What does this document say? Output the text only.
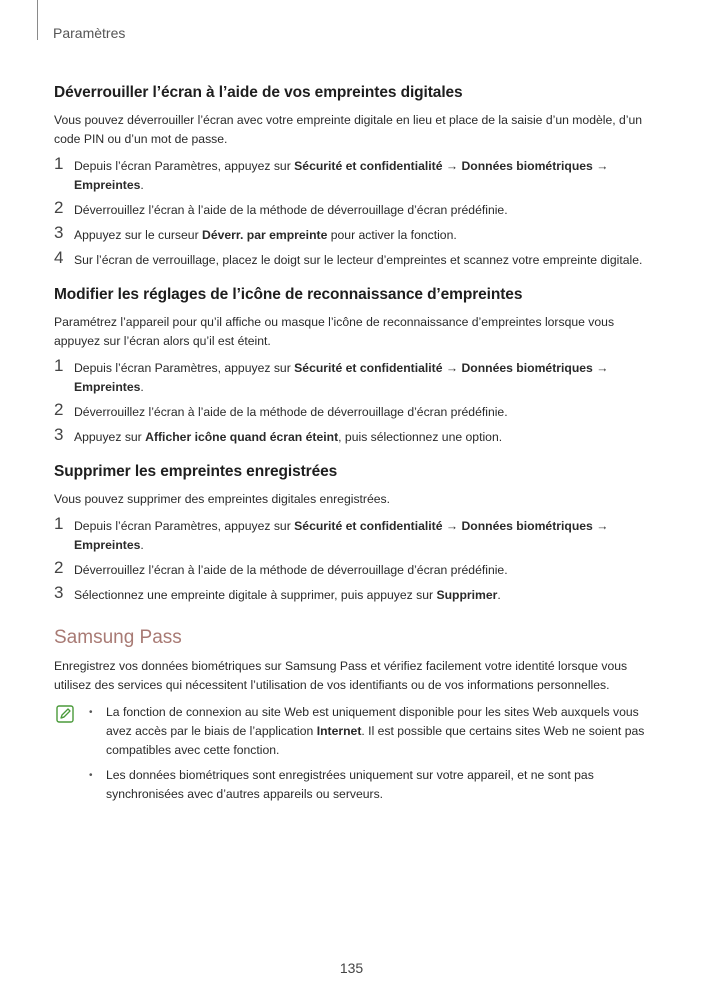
Paramètres
Déverrouiller l’écran à l’aide de vos empreintes digitales

Vous pouvez déverrouiller l’écran avec votre empreinte digitale en lieu et place de la saisie d’un modèle, d’un code PIN ou d’un mot de passe.

1 Depuis l’écran Paramètres, appuyez sur Sécurité et confidentialité → Données biométriques → Empreintes.
2 Déverrouillez l’écran à l’aide de la méthode de déverrouillage d’écran prédéfinie.
3 Appuyez sur le curseur Déverr. par empreinte pour activer la fonction.
4 Sur l’écran de verrouillage, placez le doigt sur le lecteur d’empreintes et scannez votre empreinte digitale.
Modifier les réglages de l’icône de reconnaissance d’empreintes

Paramétrez l’appareil pour qu’il affiche ou masque l’icône de reconnaissance d’empreintes lorsque vous appuyez sur l’écran alors qu’il est éteint.

1 Depuis l’écran Paramètres, appuyez sur Sécurité et confidentialité → Données biométriques → Empreintes.
2 Déverrouillez l’écran à l’aide de la méthode de déverrouillage d’écran prédéfinie.
3 Appuyez sur Afficher icône quand écran éteint, puis sélectionnez une option.
Supprimer les empreintes enregistrées

Vous pouvez supprimer des empreintes digitales enregistrées.

1 Depuis l’écran Paramètres, appuyez sur Sécurité et confidentialité → Données biométriques → Empreintes.
2 Déverrouillez l’écran à l’aide de la méthode de déverrouillage d’écran prédéfinie.
3 Sélectionnez une empreinte digitale à supprimer, puis appuyez sur Supprimer.
Samsung Pass

Enregistrez vos données biométriques sur Samsung Pass et vérifiez facilement votre identité lorsque vous utilisez des services qui nécessitent l’utilisation de vos identifiants ou de vos informations personnelles.

• La fonction de connexion au site Web est uniquement disponible pour les sites Web auxquels vous avez accès par le biais de l’application Internet. Il est possible que certains sites Web ne soient pas compatibles avec cette fonction.
• Les données biométriques sont enregistrées uniquement sur votre appareil, et ne sont pas synchronisées avec d’autres appareils ou serveurs.
135
